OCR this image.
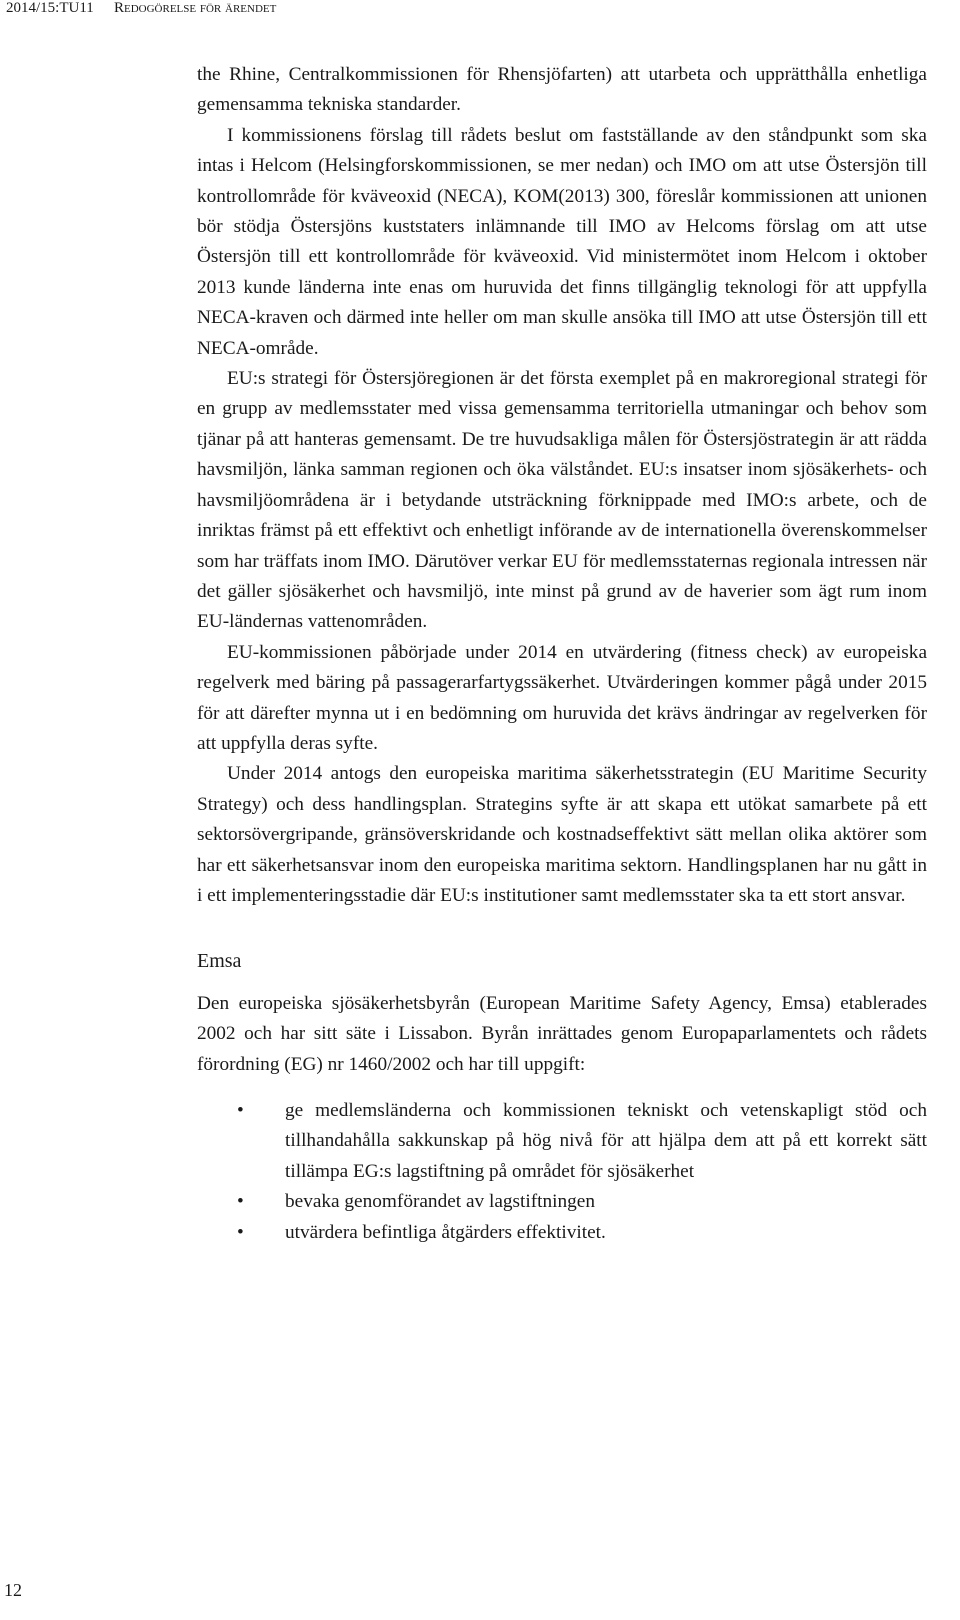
2014/15:TU11 Redogörelse för ärendet

the Rhine, Centralkommissionen för Rhensjöfarten) att utarbeta och upprätthålla enhetliga gemensamma tekniska standarder.

I kommissionens förslag till rådets beslut om fastställande av den ståndpunkt som ska intas i Helcom (Helsingforskommissionen, se mer nedan) och IMO om att utse Östersjön till kontrollområde för kväveoxid (NECA), KOM(2013) 300, föreslår kommissionen att unionen bör stödja Östersjöns kuststaters inlämnande till IMO av Helcoms förslag om att utse Östersjön till ett kontrollområde för kväveoxid. Vid ministermötet inom Helcom i oktober 2013 kunde länderna inte enas om huruvida det finns tillgänglig teknologi för att uppfylla NECA-kraven och därmed inte heller om man skulle ansöka till IMO att utse Östersjön till ett NECA-område.

EU:s strategi för Östersjöregionen är det första exemplet på en makroregional strategi för en grupp av medlemsstater med vissa gemensamma territoriella utmaningar och behov som tjänar på att hanteras gemensamt. De tre huvudsakliga målen för Östersjöstrategin är att rädda havsmiljön, länka samman regionen och öka välståndet. EU:s insatser inom sjösäkerhets- och havsmiljöområdena är i betydande utsträckning förknippade med IMO:s arbete, och de inriktas främst på ett effektivt och enhetligt införande av de internationella överenskommelser som har träffats inom IMO. Därutöver verkar EU för medlemsstaternas regionala intressen när det gäller sjösäkerhet och havsmiljö, inte minst på grund av de haverier som ägt rum inom EU-ländernas vattenområden.

EU-kommissionen påbörjade under 2014 en utvärdering (fitness check) av europeiska regelverk med bäring på passagerarfartygssäkerhet. Utvärderingen kommer pågå under 2015 för att därefter mynna ut i en bedömning om huruvida det krävs ändringar av regelverken för att uppfylla deras syfte.

Under 2014 antogs den europeiska maritima säkerhetsstrategin (EU Maritime Security Strategy) och dess handlingsplan. Strategins syfte är att skapa ett utökat samarbete på ett sektorsövergripande, gränsöverskridande och kostnadseffektivt sätt mellan olika aktörer som har ett säkerhetsansvar inom den europeiska maritima sektorn. Handlingsplanen har nu gått in i ett implementeringsstadie där EU:s institutioner samt medlemsstater ska ta ett stort ansvar.

Emsa

Den europeiska sjösäkerhetsbyrån (European Maritime Safety Agency, Emsa) etablerades 2002 och har sitt säte i Lissabon. Byrån inrättades genom Europaparlamentets och rådets förordning (EG) nr 1460/2002 och har till uppgift:

• ge medlemsländerna och kommissionen tekniskt och vetenskapligt stöd och tillhandahålla sakkunskap på hög nivå för att hjälpa dem att på ett korrekt sätt tillämpa EG:s lagstiftning på området för sjösäkerhet
• bevaka genomförandet av lagstiftningen
• utvärdera befintliga åtgärders effektivitet.
12
